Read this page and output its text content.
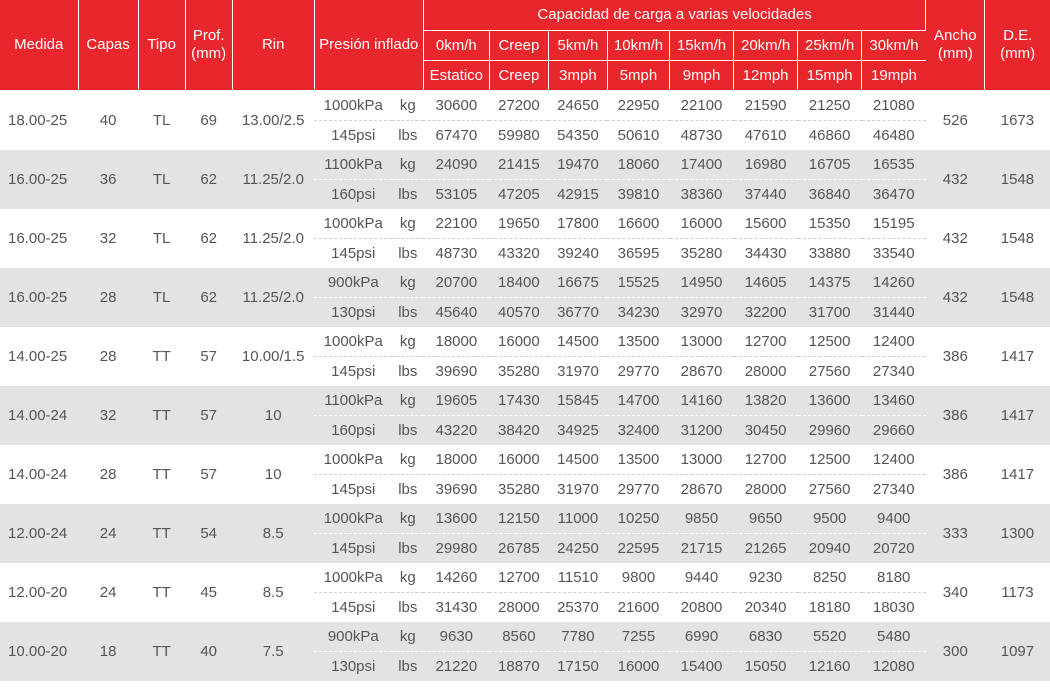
Medida	Capas	Tipo	Prof. (mm)	Rin	Presión inflado		Capacidad de carga a varias velocidades								Ancho (mm)	D.E. (mm)
							0km/h	Creep	5km/h	10km/h	15km/h	20km/h	25km/h	30km/h		
							Estatico	Creep	3mph	5mph	9mph	12mph	15mph	19mph		
18.00-25	40	TL	69	13.00/2.5	1000kPa	kg	30600	27200	24650	22950	22100	21590	21250	21080	526	1673
					145psi	lbs	67470	59980	54350	50610	48730	47610	46860	46480		
16.00-25	36	TL	62	11.25/2.0	1100kPa	kg	24090	21415	19470	18060	17400	16980	16705	16535	432	1548
					160psi	lbs	53105	47205	42915	39810	38360	37440	36840	36470		
16.00-25	32	TL	62	11.25/2.0	1000kPa	kg	22100	19650	17800	16600	16000	15600	15350	15195	432	1548
					145psi	lbs	48730	43320	39240	36595	35280	34430	33880	33540		
16.00-25	28	TL	62	11.25/2.0	900kPa	kg	20700	18400	16675	15525	14950	14605	14375	14260	432	1548
					130psi	lbs	45640	40570	36770	34230	32970	32200	31700	31440		
14.00-25	28	TT	57	10.00/1.5	1000kPa	kg	18000	16000	14500	13500	13000	12700	12500	12400	386	1417
					145psi	lbs	39690	35280	31970	29770	28670	28000	27560	27340		
14.00-24	32	TT	57	10	1100kPa	kg	19605	17430	15845	14700	14160	13820	13600	13460	386	1417
					160psi	lbs	43220	38420	34925	32400	31200	30450	29960	29660		
14.00-24	28	TT	57	10	1000kPa	kg	18000	16000	14500	13500	13000	12700	12500	12400	386	1417
					145psi	lbs	39690	35280	31970	29770	28670	28000	27560	27340		
12.00-24	24	TT	54	8.5	1000kPa	kg	13600	12150	11000	10250	9850	9650	9500	9400	333	1300
					145psi	lbs	29980	26785	24250	22595	21715	21265	20940	20720		
12.00-20	24	TT	45	8.5	1000kPa	kg	14260	12700	11510	9800	9440	9230	8250	8180	340	1173
					145psi	lbs	31430	28000	25370	21600	20800	20340	18180	18030		
10.00-20	18	TT	40	7.5	900kPa	kg	9630	8560	7780	7255	6990	6830	5520	5480	300	1097
					130psi	lbs	21220	18870	17150	16000	15400	15050	12160	12080		
